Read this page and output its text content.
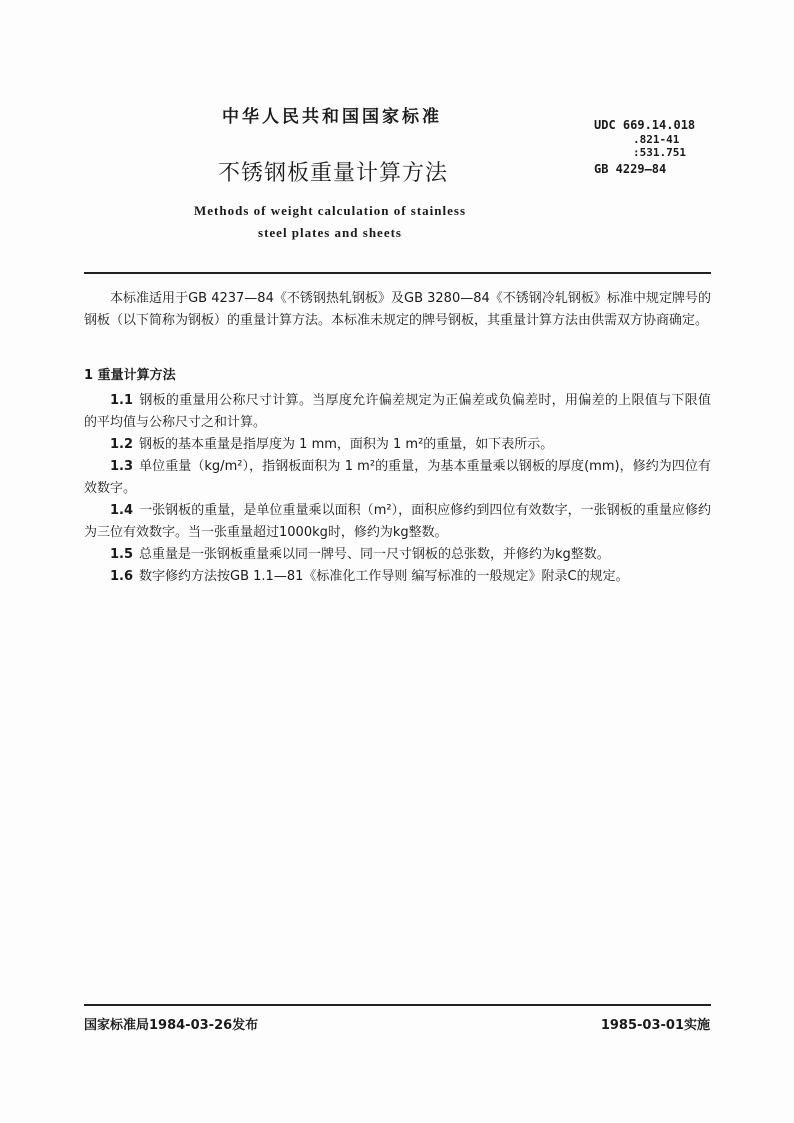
中华人民共和国国家标准	UDC 669.14.018
.821-41
:531.751
GB 4229—84
不锈钢板重量计算方法
Methods of weight calculation of stainless
steel plates and sheets

本标准适用于GB 4237—84《不锈钢热轧钢板》及GB 3280—84《不锈钢冷轧钢板》标准中规定牌号的钢板（以下简称为钢板）的重量计算方法。本标准未规定的牌号钢板，其重量计算方法由供需双方协商确定。

1 重量计算方法

1.1 钢板的重量用公称尺寸计算。当厚度允许偏差规定为正偏差或负偏差时，用偏差的上限值与下限值的平均值与公称尺寸之和计算。

1.2 钢板的基本重量是指厚度为 1 mm，面积为 1 m²的重量，如下表所示。

1.3 单位重量（kg/m²），指钢板面积为 1 m²的重量，为基本重量乘以钢板的厚度(mm)，修约为四位有效数字。

1.4 一张钢板的重量，是单位重量乘以面积（m²），面积应修约到四位有效数字，一张钢板的重量应修约为三位有效数字。当一张重量超过1000kg时，修约为kg整数。

1.5 总重量是一张钢板重量乘以同一牌号、同一尺寸钢板的总张数，并修约为kg整数。

1.6 数字修约方法按GB 1.1—81《标准化工作导则 编写标准的一般规定》附录C的规定。

国家标准局1984-03-26发布	1985-03-01实施
